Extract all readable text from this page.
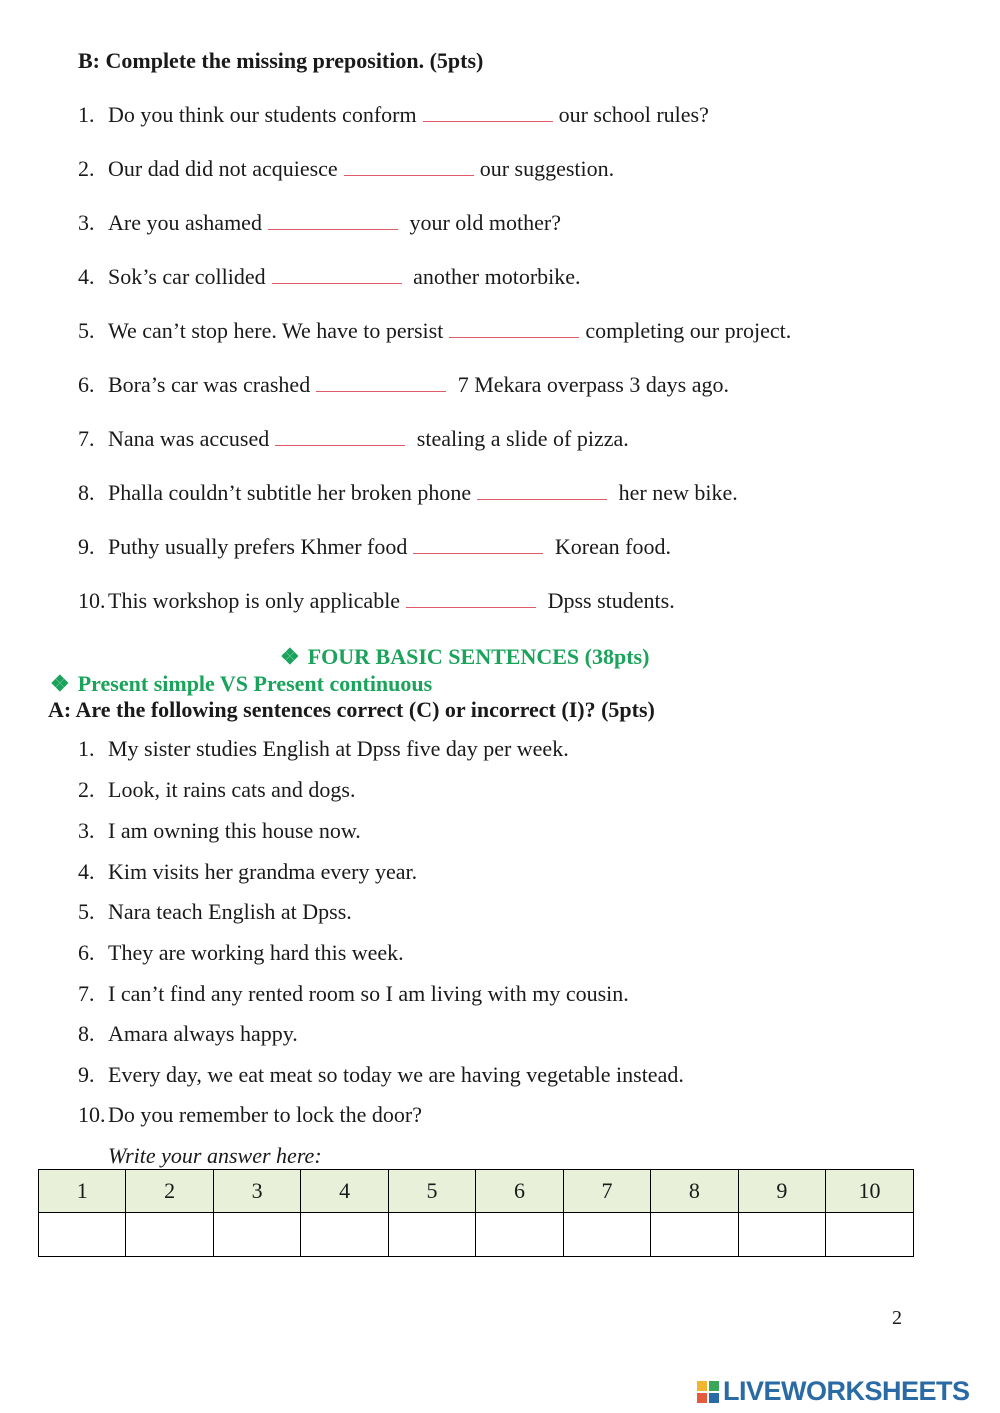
B: Complete the missing preposition. (5pts)
1. Do you think our students conform	our school rules?
2. Our dad did not acquiesce	our suggestion.
3. Are you ashamed	your old mother?
4. Sok’s car collided	another motorbike.
5. We can’t stop here. We have to persist	completing our project.
6. Bora’s car was crashed	7 Mekara overpass 3 days ago.
7. Nana was accused	stealing a slide of pizza.
8. Phalla couldn’t subtitle her broken phone	her new bike.
9. Puthy usually prefers Khmer food	Korean food.
10. This workshop is only applicable	Dpss students.
❖ FOUR BASIC SENTENCES (38pts)
❖ Present simple VS Present continuous
A: Are the following sentences correct (C) or incorrect (I)? (5pts)
1. My sister studies English at Dpss five day per week.
2. Look, it rains cats and dogs.
3. I am owning this house now.
4. Kim visits her grandma every year.
5. Nara teach English at Dpss.
6. They are working hard this week.
7. I can’t find any rented room so I am living with my cousin.
8. Amara always happy.
9. Every day, we eat meat so today we are having vegetable instead.
10. Do you remember to lock the door?
Write your answer here:
1	2	3	4	5	6	7	8	9	10

2
LIVEWORKSHEETS
